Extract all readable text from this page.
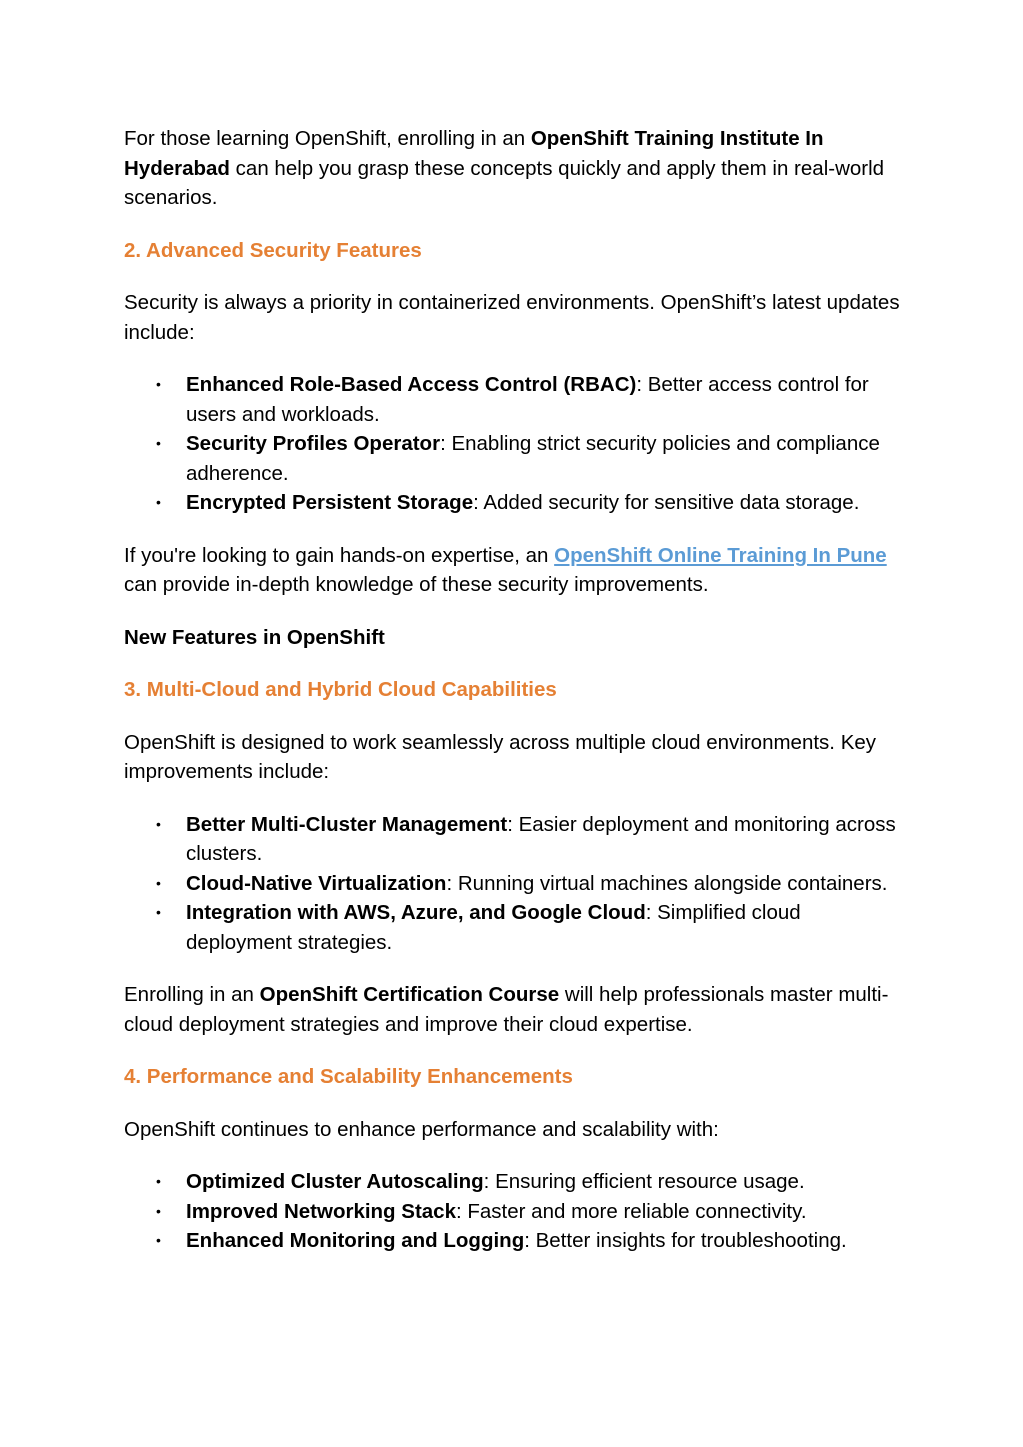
For those learning OpenShift, enrolling in an OpenShift Training Institute In Hyderabad can help you grasp these concepts quickly and apply them in real-world scenarios.

2. Advanced Security Features

Security is always a priority in containerized environments. OpenShift’s latest updates include:

• Enhanced Role-Based Access Control (RBAC): Better access control for users and workloads.
• Security Profiles Operator: Enabling strict security policies and compliance adherence.
• Encrypted Persistent Storage: Added security for sensitive data storage.

If you're looking to gain hands-on expertise, an OpenShift Online Training In Pune can provide in-depth knowledge of these security improvements.

New Features in OpenShift
3. Multi-Cloud and Hybrid Cloud Capabilities

OpenShift is designed to work seamlessly across multiple cloud environments. Key improvements include:

• Better Multi-Cluster Management: Easier deployment and monitoring across clusters.
• Cloud-Native Virtualization: Running virtual machines alongside containers.
• Integration with AWS, Azure, and Google Cloud: Simplified cloud deployment strategies.

Enrolling in an OpenShift Certification Course will help professionals master multi-cloud deployment strategies and improve their cloud expertise.

4. Performance and Scalability Enhancements

OpenShift continues to enhance performance and scalability with:

• Optimized Cluster Autoscaling: Ensuring efficient resource usage.
• Improved Networking Stack: Faster and more reliable connectivity.
• Enhanced Monitoring and Logging: Better insights for troubleshooting.
